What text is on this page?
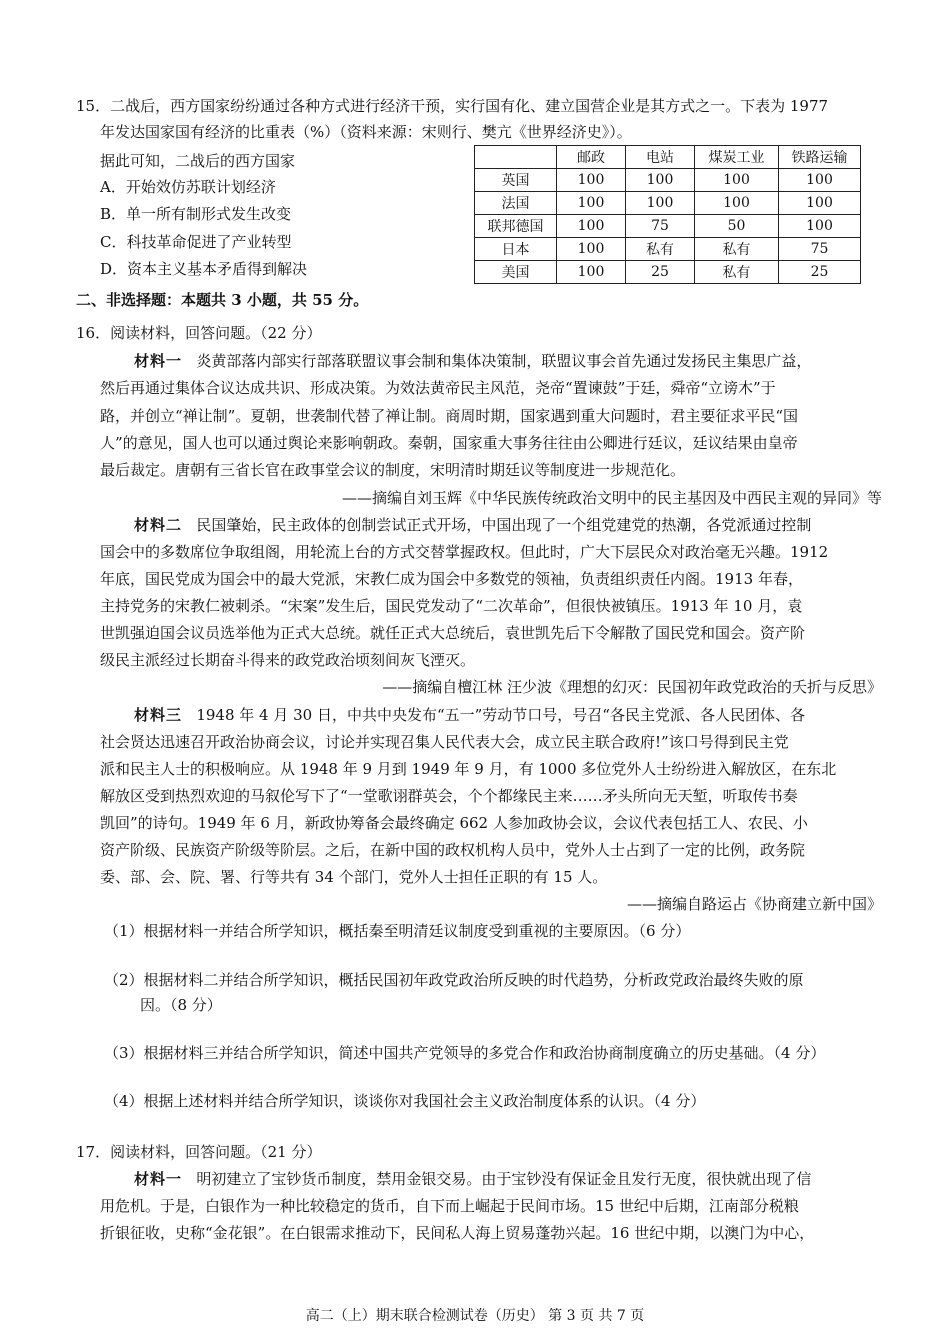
15．二战后，西方国家纷纷通过各种方式进行经济干预，实行国有化、建立国营企业是其方式之一。下表为 1977
年发达国家国有经济的比重表（%）（资料来源：宋则行、樊亢《世界经济史》）。
据此可知，二战后的西方国家
A．开始效仿苏联计划经济
B．单一所有制形式发生改变
C．科技革命促进了产业转型
D．资本主义基本矛盾得到解决
	邮政	电站	煤炭工业	铁路运输
英国	100	100	100	100
法国	100	100	100	100
联邦德国	100	75	50	100
日本	100	私有	私有	75
美国	100	25	私有	25
二、非选择题：本题共 3 小题，共 55 分。
16．阅读材料，回答问题。（22 分）
材料一 炎黄部落内部实行部落联盟议事会制和集体决策制，联盟议事会首先通过发扬民主集思广益，
然后再通过集体合议达成共识、形成决策。为效法黄帝民主风范，尧帝“置谏鼓”于廷，舜帝“立谤木”于
路，并创立“禅让制”。夏朝，世袭制代替了禅让制。商周时期，国家遇到重大问题时，君主要征求平民“国
人”的意见，国人也可以通过舆论来影响朝政。秦朝，国家重大事务往往由公卿进行廷议，廷议结果由皇帝
最后裁定。唐朝有三省长官在政事堂会议的制度，宋明清时期廷议等制度进一步规范化。
——摘编自刘玉辉《中华民族传统政治文明中的民主基因及中西民主观的异同》等
材料二 民国肇始，民主政体的创制尝试正式开场，中国出现了一个组党建党的热潮，各党派通过控制
国会中的多数席位争取组阁，用轮流上台的方式交替掌握政权。但此时，广大下层民众对政治毫无兴趣。1912
年底，国民党成为国会中的最大党派，宋教仁成为国会中多数党的领袖，负责组织责任内阁。1913 年春，
主持党务的宋教仁被刺杀。“宋案”发生后，国民党发动了“二次革命”，但很快被镇压。1913 年 10 月，袁
世凯强迫国会议员选举他为正式大总统。就任正式大总统后，袁世凯先后下令解散了国民党和国会。资产阶
级民主派经过长期奋斗得来的政党政治顷刻间灰飞湮灭。
——摘编自檀江林 汪少波《理想的幻灭：民国初年政党政治的夭折与反思》
材料三 1948 年 4 月 30 日，中共中央发布“五一”劳动节口号，号召“各民主党派、各人民团体、各
社会贤达迅速召开政治协商会议，讨论并实现召集人民代表大会，成立民主联合政府!”该口号得到民主党
派和民主人士的积极响应。从 1948 年 9 月到 1949 年 9 月，有 1000 多位党外人士纷纷进入解放区，在东北
解放区受到热烈欢迎的马叙伦写下了“一堂歌诩群英会，个个都缘民主来……矛头所向无天堑，听取传书奏
凯回”的诗句。1949 年 6 月，新政协筹备会最终确定 662 人参加政协会议，会议代表包括工人、农民、小
资产阶级、民族资产阶级等阶层。之后，在新中国的政权机构人员中，党外人士占到了一定的比例，政务院
委、部、会、院、署、行等共有 34 个部门，党外人士担任正职的有 15 人。
——摘编自路运占《协商建立新中国》
（1）根据材料一并结合所学知识，概括秦至明清廷议制度受到重视的主要原因。（6 分）
（2）根据材料二并结合所学知识，概括民国初年政党政治所反映的时代趋势，分析政党政治最终失败的原
因。（8 分）
（3）根据材料三并结合所学知识，简述中国共产党领导的多党合作和政治协商制度确立的历史基础。（4 分）
（4）根据上述材料并结合所学知识，谈谈你对我国社会主义政治制度体系的认识。（4 分）
17．阅读材料，回答问题。（21 分）
材料一 明初建立了宝钞货币制度，禁用金银交易。由于宝钞没有保证金且发行无度，很快就出现了信
用危机。于是，白银作为一种比较稳定的货币，自下而上崛起于民间市场。15 世纪中后期，江南部分税粮
折银征收，史称“金花银”。在白银需求推动下，民间私人海上贸易蓬勃兴起。16 世纪中期，以澳门为中心，
高二（上）期末联合检测试卷（历史） 第 3 页 共 7 页
